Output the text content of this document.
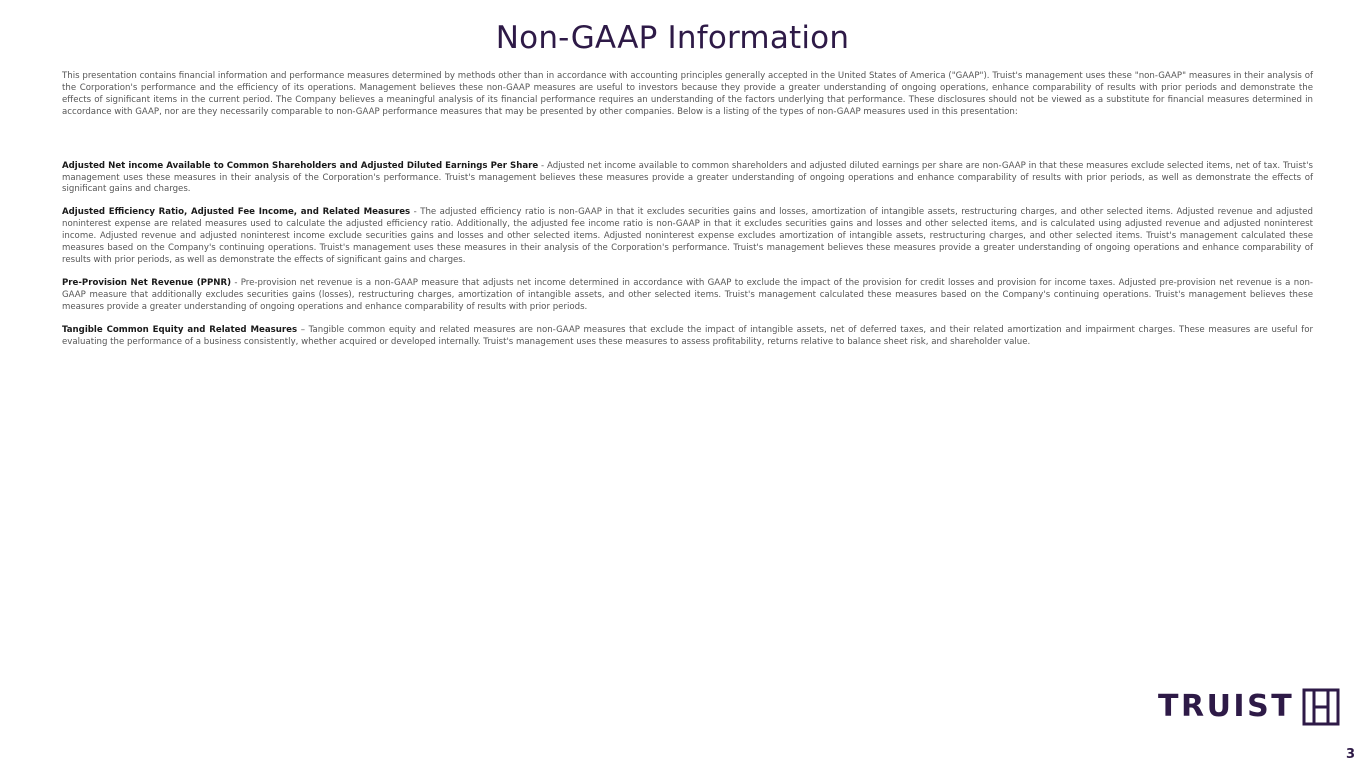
Non-GAAP Information

This presentation contains financial information and performance measures determined by methods other than in accordance with accounting principles generally accepted in the United States of America ("GAAP"). Truist's management uses these "non-GAAP" measures in their analysis of the Corporation's performance and the efficiency of its operations. Management believes these non-GAAP measures are useful to investors because they provide a greater understanding of ongoing operations, enhance comparability of results with prior periods and demonstrate the effects of significant items in the current period. The Company believes a meaningful analysis of its financial performance requires an understanding of the factors underlying that performance. These disclosures should not be viewed as a substitute for financial measures determined in accordance with GAAP, nor are they necessarily comparable to non-GAAP performance measures that may be presented by other companies. Below is a listing of the types of non-GAAP measures used in this presentation:

Adjusted Net income Available to Common Shareholders and Adjusted Diluted Earnings Per Share - Adjusted net income available to common shareholders and adjusted diluted earnings per share are non-GAAP in that these measures exclude selected items, net of tax. Truist's management uses these measures in their analysis of the Corporation's performance. Truist's management believes these measures provide a greater understanding of ongoing operations and enhance comparability of results with prior periods, as well as demonstrate the effects of significant gains and charges.

Adjusted Efficiency Ratio, Adjusted Fee Income, and Related Measures - The adjusted efficiency ratio is non-GAAP in that it excludes securities gains and losses, amortization of intangible assets, restructuring charges, and other selected items. Adjusted revenue and adjusted noninterest expense are related measures used to calculate the adjusted efficiency ratio. Additionally, the adjusted fee income ratio is non-GAAP in that it excludes securities gains and losses and other selected items, and is calculated using adjusted revenue and adjusted noninterest income. Adjusted revenue and adjusted noninterest income exclude securities gains and losses and other selected items. Adjusted noninterest expense excludes amortization of intangible assets, restructuring charges, and other selected items. Truist's management calculated these measures based on the Company's continuing operations. Truist's management uses these measures in their analysis of the Corporation's performance. Truist's management believes these measures provide a greater understanding of ongoing operations and enhance comparability of results with prior periods, as well as demonstrate the effects of significant gains and charges.

Pre-Provision Net Revenue (PPNR) - Pre-provision net revenue is a non-GAAP measure that adjusts net income determined in accordance with GAAP to exclude the impact of the provision for credit losses and provision for income taxes. Adjusted pre-provision net revenue is a non-GAAP measure that additionally excludes securities gains (losses), restructuring charges, amortization of intangible assets, and other selected items. Truist's management calculated these measures based on the Company's continuing operations. Truist's management believes these measures provide a greater understanding of ongoing operations and enhance comparability of results with prior periods.

Tangible Common Equity and Related Measures – Tangible common equity and related measures are non-GAAP measures that exclude the impact of intangible assets, net of deferred taxes, and their related amortization and impairment charges. These measures are useful for evaluating the performance of a business consistently, whether acquired or developed internally. Truist's management uses these measures to assess profitability, returns relative to balance sheet risk, and shareholder value.

TRUIST
3
